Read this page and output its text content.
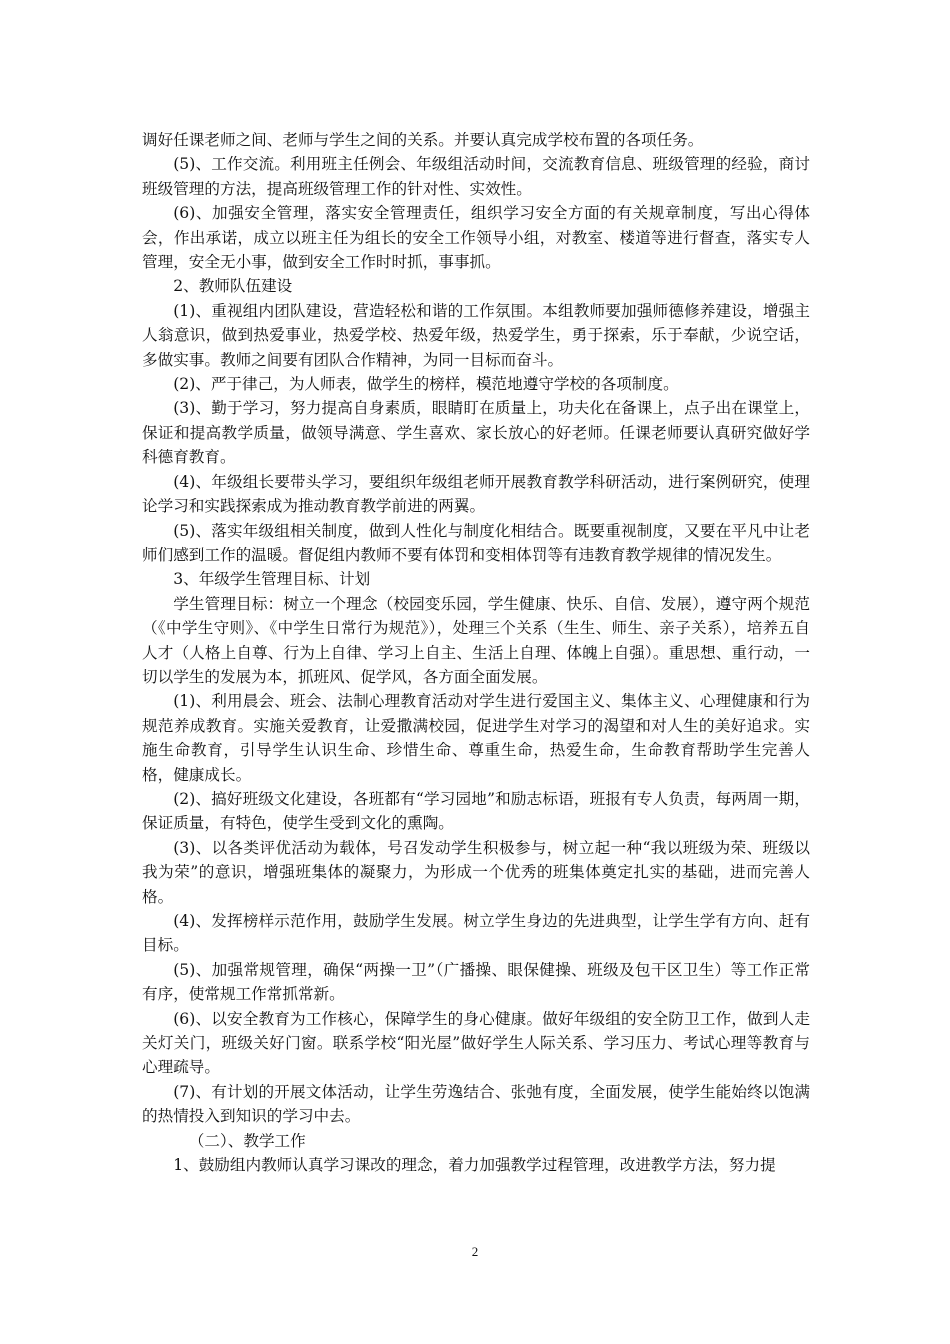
调好任课老师之间、老师与学生之间的关系。并要认真完成学校布置的各项任务。

(5)、工作交流。利用班主任例会、年级组活动时间，交流教育信息、班级管理的经验，商讨班级管理的方法，提高班级管理工作的针对性、实效性。

(6)、加强安全管理，落实安全管理责任，组织学习安全方面的有关规章制度，写出心得体会，作出承诺，成立以班主任为组长的安全工作领导小组，对教室、楼道等进行督查，落实专人管理，安全无小事，做到安全工作时时抓，事事抓。

2、教师队伍建设

(1)、重视组内团队建设，营造轻松和谐的工作氛围。本组教师要加强师德修养建设，增强主人翁意识，做到热爱事业，热爱学校、热爱年级，热爱学生，勇于探索，乐于奉献，少说空话，多做实事。教师之间要有团队合作精神，为同一目标而奋斗。

(2)、严于律己，为人师表，做学生的榜样，模范地遵守学校的各项制度。

(3)、勤于学习，努力提高自身素质，眼睛盯在质量上，功夫化在备课上，点子出在课堂上，保证和提高教学质量，做领导满意、学生喜欢、家长放心的好老师。任课老师要认真研究做好学科德育教育。

(4)、年级组长要带头学习，要组织年级组老师开展教育教学科研活动，进行案例研究，使理论学习和实践探索成为推动教育教学前进的两翼。

(5)、落实年级组相关制度，做到人性化与制度化相结合。既要重视制度，又要在平凡中让老师们感到工作的温暖。督促组内教师不要有体罚和变相体罚等有违教育教学规律的情况发生。

3、年级学生管理目标、计划

学生管理目标：树立一个理念（校园变乐园，学生健康、快乐、自信、发展），遵守两个规范（《中学生守则》、《中学生日常行为规范》），处理三个关系（生生、师生、亲子关系），培养五自人才（人格上自尊、行为上自律、学习上自主、生活上自理、体魄上自强）。重思想、重行动，一切以学生的发展为本，抓班风、促学风，各方面全面发展。

(1)、利用晨会、班会、法制心理教育活动对学生进行爱国主义、集体主义、心理健康和行为规范养成教育。实施关爱教育，让爱撒满校园，促进学生对学习的渴望和对人生的美好追求。实施生命教育，引导学生认识生命、珍惜生命、尊重生命，热爱生命，生命教育帮助学生完善人格，健康成长。

(2)、搞好班级文化建设，各班都有“学习园地”和励志标语，班报有专人负责，每两周一期，保证质量，有特色，使学生受到文化的熏陶。

(3)、以各类评优活动为载体，号召发动学生积极参与，树立起一种“我以班级为荣、班级以我为荣”的意识，增强班集体的凝聚力，为形成一个优秀的班集体奠定扎实的基础，进而完善人格。

(4)、发挥榜样示范作用，鼓励学生发展。树立学生身边的先进典型，让学生学有方向、赶有目标。

(5)、加强常规管理，确保“两操一卫”（广播操、眼保健操、班级及包干区卫生）等工作正常有序，使常规工作常抓常新。

(6)、以安全教育为工作核心，保障学生的身心健康。做好年级组的安全防卫工作，做到人走关灯关门，班级关好门窗。联系学校“阳光屋”做好学生人际关系、学习压力、考试心理等教育与心理疏导。

(7)、有计划的开展文体活动，让学生劳逸结合、张弛有度，全面发展，使学生能始终以饱满的热情投入到知识的学习中去。

（二）、教学工作

1、鼓励组内教师认真学习课改的理念，着力加强教学过程管理，改进教学方法，努力提

2
